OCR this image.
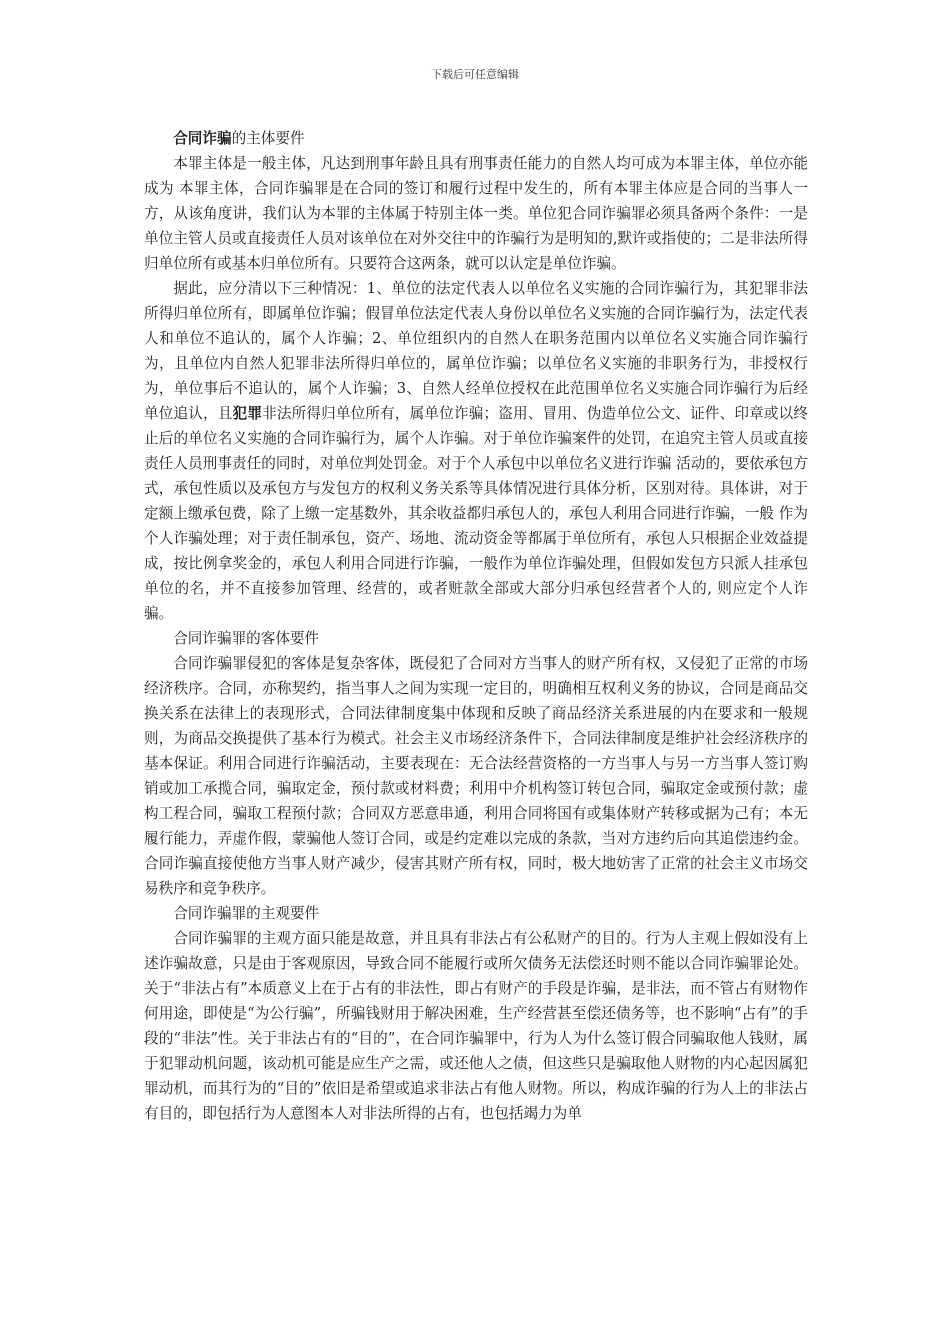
下载后可任意编辑

合同诈骗的主体要件

本罪主体是一般主体，凡达到刑事年龄且具有刑事责任能力的自然人均可成为本罪主体，单位亦能成为 本罪主体，合同诈骗罪是在合同的签订和履行过程中发生的，所有本罪主体应是合同的当事人一方，从该角度讲，我们认为本罪的主体属于特别主体一类。单位犯合同诈骗罪必须具备两个条件：一是单位主管人员或直接责任人员对该单位在对外交往中的诈骗行为是明知的,默许或指使的；二是非法所得归单位所有或基本归单位所有。只要符合这两条，就可以认定是单位诈骗。

据此，应分清以下三种情况：1、单位的法定代表人以单位名义实施的合同诈骗行为，其犯罪非法所得归单位所有，即属单位诈骗；假冒单位法定代表人身份以单位名义实施的合同诈骗行为，法定代表人和单位不追认的，属个人诈骗；2、单位组织内的自然人在职务范围内以单位名义实施合同诈骗行为，且单位内自然人犯罪非法所得归单位的，属单位诈骗；以单位名义实施的非职务行为，非授权行为，单位事后不追认的，属个人诈骗；3、自然人经单位授权在此范围单位名义实施合同诈骗行为后经单位追认，且犯罪非法所得归单位所有，属单位诈骗；盗用、冒用、伪造单位公文、证件、印章或以终止后的单位名义实施的合同诈骗行为，属个人诈骗。对于单位诈骗案件的处罚，在追究主管人员或直接责任人员刑事责任的同时，对单位判处罚金。对于个人承包中以单位名义进行诈骗 活动的，要依承包方式，承包性质以及承包方与发包方的权利义务关系等具体情况进行具体分析，区别对待。具体讲，对于定额上缴承包费，除了上缴一定基数外，其余收益都归承包人的，承包人利用合同进行诈骗，一般 作为个人诈骗处理；对于责任制承包，资产、场地、流动资金等都属于单位所有，承包人只根据企业效益提成，按比例拿奖金的，承包人利用合同进行诈骗，一般作为单位诈骗处理，但假如发包方只派人挂承包单位的名，并不直接参加管理、经营的，或者赃款全部或大部分归承包经营者个人的, 则应定个人诈骗。

合同诈骗罪的客体要件

合同诈骗罪侵犯的客体是复杂客体，既侵犯了合同对方当事人的财产所有权，又侵犯了正常的市场经济秩序。合同，亦称契约，指当事人之间为实现一定目的，明确相互权利义务的协议，合同是商品交换关系在法律上的表现形式，合同法律制度集中体现和反映了商品经济关系进展的内在要求和一般规则，为商品交换提供了基本行为模式。社会主义市场经济条件下，合同法律制度是维护社会经济秩序的基本保证。利用合同进行诈骗活动，主要表现在：无合法经营资格的一方当事人与另一方当事人签订购销或加工承揽合同，骗取定金，预付款或材料费；利用中介机构签订转包合同，骗取定金或预付款；虚构工程合同，骗取工程预付款；合同双方恶意串通，利用合同将国有或集体财产转移或据为己有；本无履行能力，弄虚作假，蒙骗他人签订合同，或是约定难以完成的条款，当对方违约后向其追偿违约金。合同诈骗直接使他方当事人财产减少，侵害其财产所有权，同时，极大地妨害了正常的社会主义市场交易秩序和竞争秩序。

合同诈骗罪的主观要件

合同诈骗罪的主观方面只能是故意，并且具有非法占有公私财产的目的。行为人主观上假如没有上述诈骗故意，只是由于客观原因，导致合同不能履行或所欠债务无法偿还时则不能以合同诈骗罪论处。关于“非法占有”本质意义上在于占有的非法性，即占有财产的手段是诈骗，是非法，而不管占有财物作何用途，即使是“为公行骗”，所骗钱财用于解决困难，生产经营甚至偿还债务等，也不影响“占有”的手段的“非法”性。关于非法占有的“目的”，在合同诈骗罪中，行为人为什么签订假合同骗取他人钱财，属于犯罪动机问题，该动机可能是应生产之需，或还他人之债，但这些只是骗取他人财物的内心起因属犯罪动机，而其行为的“目的”依旧是希望或追求非法占有他人财物。所以，构成诈骗的行为人上的非法占有目的，即包括行为人意图本人对非法所得的占有，也包括竭力为单
